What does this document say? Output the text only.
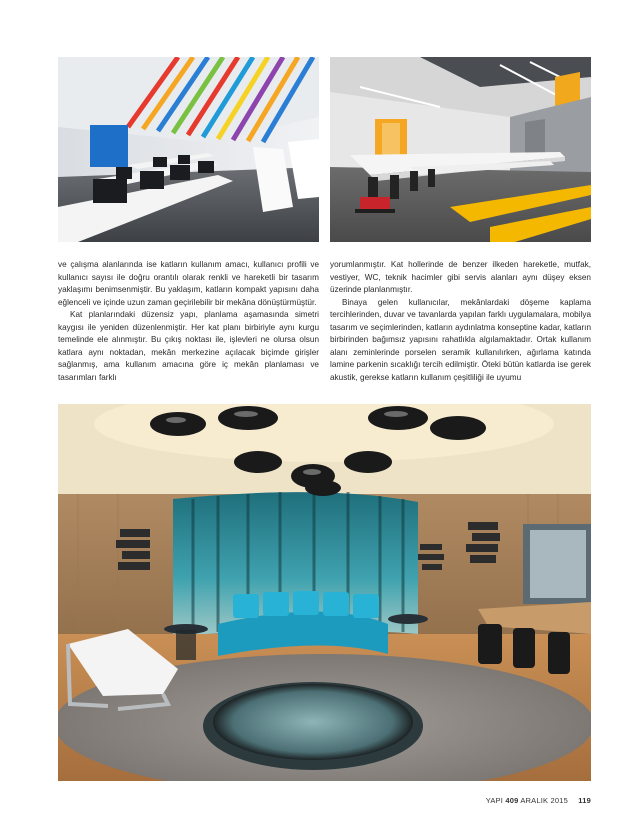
ve çalışma alanlarında ise katların kullanım amacı, kullanıcı profili ve kullanıcı sayısı ile doğru orantılı olarak renkli ve hareketli bir tasarım yaklaşımı benimsenmiştir. Bu yaklaşım, katların kompakt yapısını daha eğlenceli ve içinde uzun zaman geçirilebilir bir mekâna dönüştürmüştür.

Kat planlarındaki düzensiz yapı, planlama aşamasında simetri kaygısı ile yeniden düzenlenmiştir. Her kat planı birbiriyle aynı kurgu temelinde ele alınmıştır. Bu çıkış noktası ile, işlevleri ne olursa olsun katlara aynı noktadan, mekân merkezine açılacak biçimde girişler sağlanmış, ama kullanım amacına göre iç mekân planlaması ve tasarımları farklı

yorumlanmıştır. Kat hollerinde de benzer ilkeden hareketle, mutfak, vestiyer, WC, teknik hacimler gibi servis alanları aynı düşey eksen üzerinde planlanmıştır.

Binaya gelen kullanıcılar, mekânlardaki döşeme kaplama tercihlerinden, duvar ve tavanlarda yapılan farklı uygulamalara, mobilya tasarım ve seçimlerinden, katların aydınlatma konseptine kadar, katların birbirinden bağımsız yapısını rahatlıkla algılamaktadır. Ortak kullanım alanı zeminlerinde porselen seramik kullanılırken, ağırlama katında lamine parkenin sıcaklığı tercih edilmiştir. Öteki bütün katlarda ise gerek akustik, gerekse katların kullanım çeşitliliği ile uyumu

YAPI 409 ARALIK 2015 119
